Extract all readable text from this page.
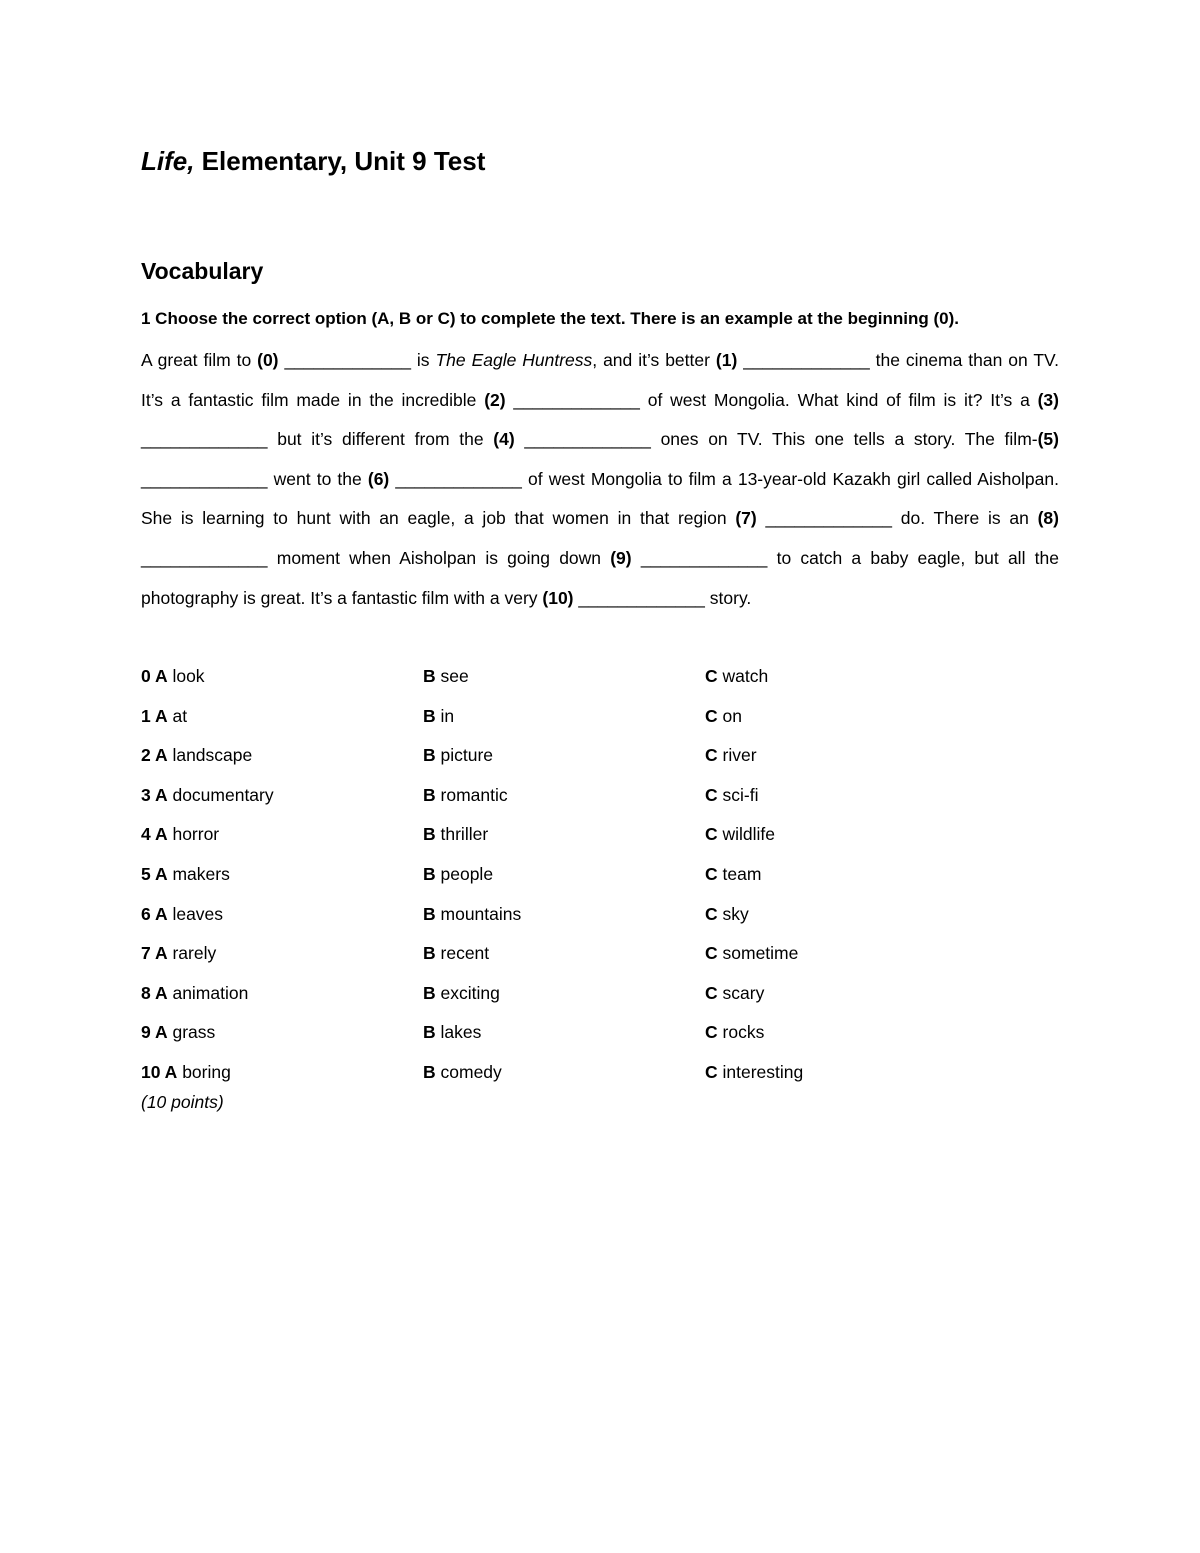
Life, Elementary, Unit 9 Test
Vocabulary

1 Choose the correct option (A, B or C) to complete the text. There is an example at the beginning (0).

A great film to (0) _____________ is The Eagle Huntress, and it’s better (1) _____________ the cinema than on TV. It’s a fantastic film made in the incredible (2) _____________ of west Mongolia. What kind of film is it? It’s a (3) _____________ but it’s different from the (4) _____________ ones on TV. This one tells a story. The film-(5) _____________ went to the (6) _____________ of west Mongolia to film a 13-year-old Kazakh girl called Aisholpan. She is learning to hunt with an eagle, a job that women in that region (7) _____________ do. There is an (8) _____________ moment when Aisholpan is going down (9) _____________ to catch a baby eagle, but all the photography is great. It’s a fantastic film with a very (10) _____________ story.

0 A look	B see	C watch
1 A at	B in	C on
2 A landscape	B picture	C river
3 A documentary	B romantic	C sci-fi
4 A horror	B thriller	C wildlife
5 A makers	B people	C team
6 A leaves	B mountains	C sky
7 A rarely	B recent	C sometime
8 A animation	B exciting	C scary
9 A grass	B lakes	C rocks
10 A boring	B comedy	C interesting

(10 points)
